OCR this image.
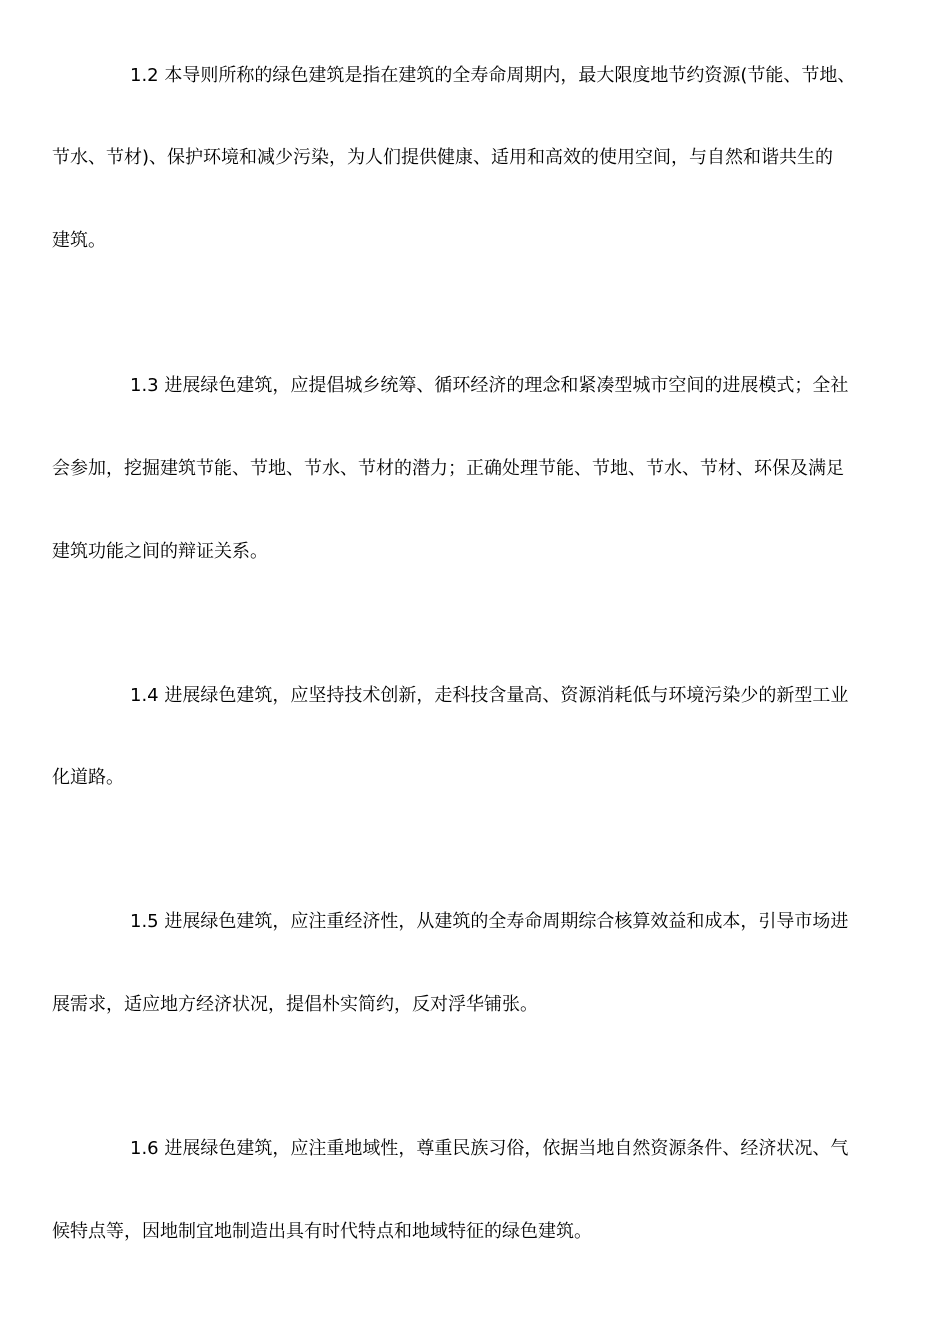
1.2 本导则所称的绿色建筑是指在建筑的全寿命周期内，最大限度地节约资源(节能、节地、

节水、节材)、保护环境和减少污染，为人们提供健康、适用和高效的使用空间，与自然和谐共生的

建筑。

1.3 进展绿色建筑，应提倡城乡统筹、循环经济的理念和紧凑型城市空间的进展模式；全社

会参加，挖掘建筑节能、节地、节水、节材的潜力；正确处理节能、节地、节水、节材、环保及满足

建筑功能之间的辩证关系。

1.4 进展绿色建筑，应坚持技术创新，走科技含量高、资源消耗低与环境污染少的新型工业

化道路。

1.5 进展绿色建筑，应注重经济性，从建筑的全寿命周期综合核算效益和成本，引导市场进

展需求，适应地方经济状况，提倡朴实简约，反对浮华铺张。

1.6 进展绿色建筑，应注重地域性，尊重民族习俗，依据当地自然资源条件、经济状况、气

候特点等，因地制宜地制造出具有时代特点和地域特征的绿色建筑。
